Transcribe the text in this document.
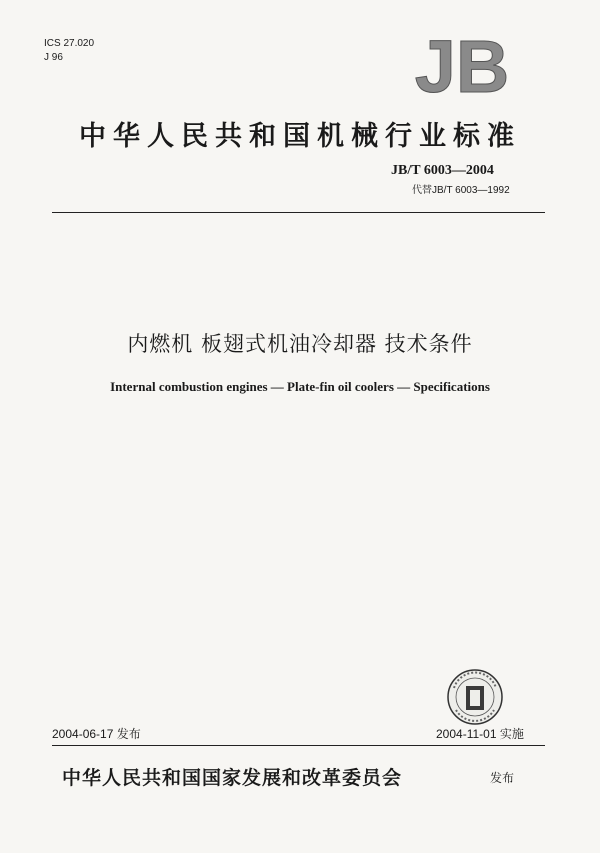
ICS 27.020
J 96	JB
中华人民共和国机械行业标准
JB/T 6003—2004
代替JB/T 6003—1992
内燃机 板翅式机油冷却器 技术条件
Internal combustion engines — Plate-fin oil coolers — Specifications
2004-06-17 发布	2004-11-01 实施
中华人民共和国国家发展和改革委员会	发布
